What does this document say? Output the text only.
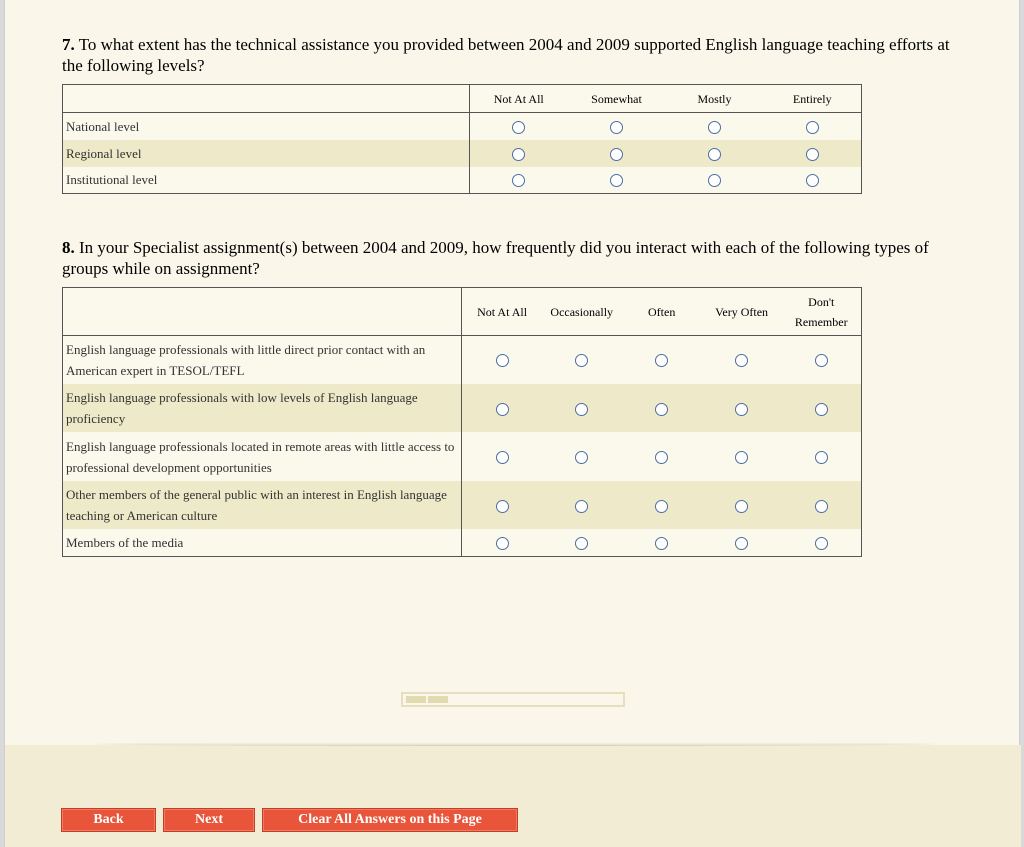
7. To what extent has the technical assistance you provided between 2004 and 2009 supported English language teaching efforts at the following levels?
	Not At All	Somewhat	Mostly	Entirely
National level				
Regional level				
Institutional level				
8. In your Specialist assignment(s) between 2004 and 2009, how frequently did you interact with each of the following types of groups while on assignment?
	Not At All	Occasionally	Often	Very Often	Don't Remember
English language professionals with little direct prior contact with an American expert in TESOL/TEFL					
English language professionals with low levels of English language proficiency					
English language professionals located in remote areas with little access to professional development opportunities					
Other members of the general public with an interest in English language teaching or American culture					
Members of the media					
Back	Next	Clear All Answers on this Page
